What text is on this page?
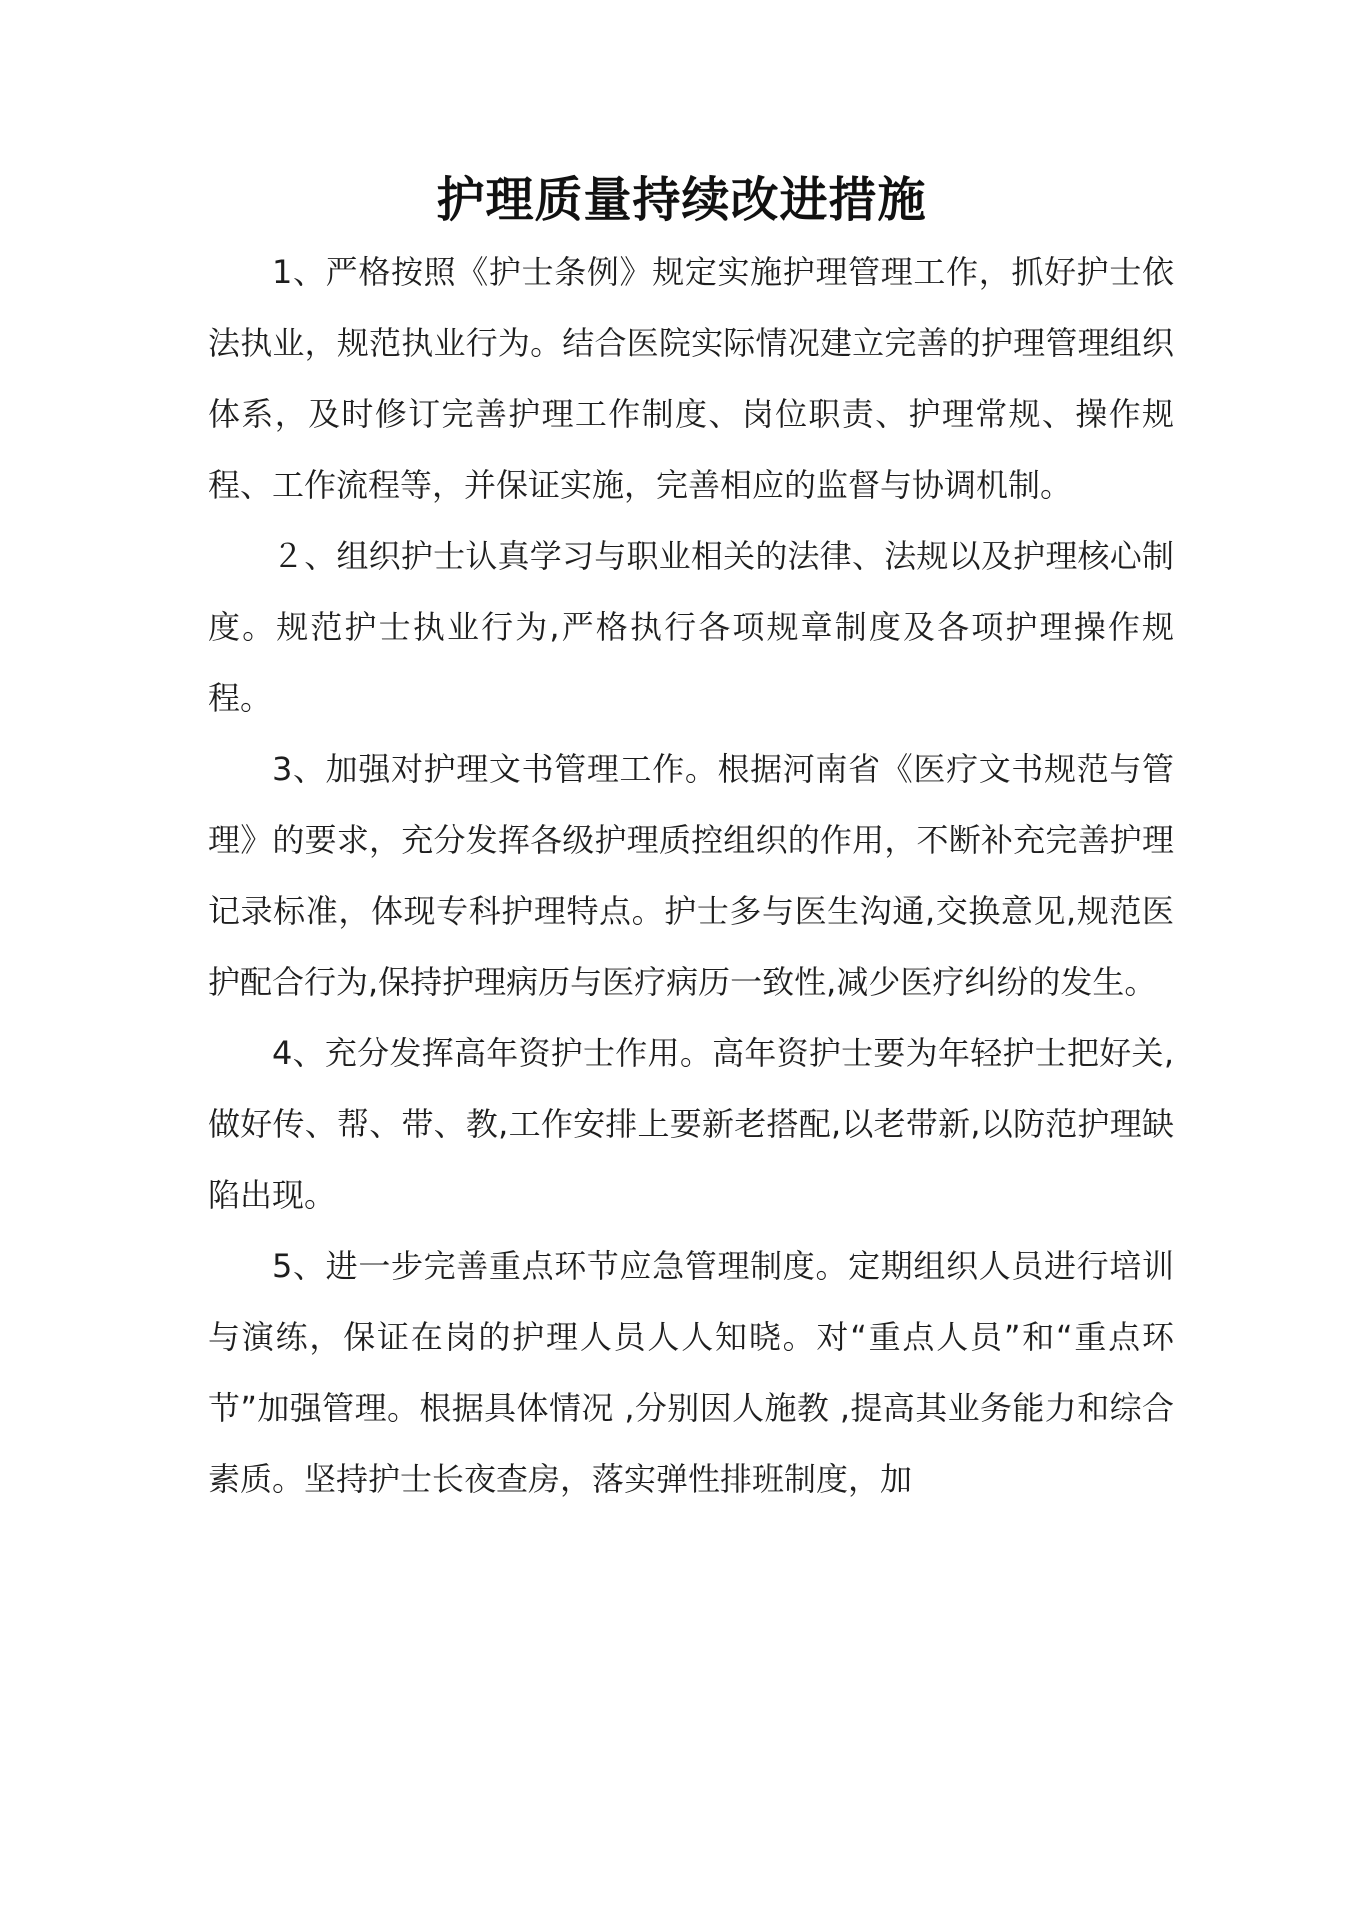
护理质量持续改进措施

1、严格按照《护士条例》规定实施护理管理工作，抓好护士依法执业，规范执业行为。结合医院实际情况建立完善的护理管理组织体系，及时修订完善护理工作制度、岗位职责、护理常规、操作规程、工作流程等，并保证实施，完善相应的监督与协调机制。

２、组织护士认真学习与职业相关的法律、法规以及护理核心制度。规范护士执业行为,严格执行各项规章制度及各项护理操作规程。

3、加强对护理文书管理工作。根据河南省《医疗文书规范与管理》的要求，充分发挥各级护理质控组织的作用，不断补充完善护理记录标准，体现专科护理特点。护士多与医生沟通,交换意见,规范医护配合行为,保持护理病历与医疗病历一致性,减少医疗纠纷的发生。

4、充分发挥高年资护士作用。高年资护士要为年轻护士把好关,做好传、帮、带、教,工作安排上要新老搭配,以老带新,以防范护理缺陷出现。

5、进一步完善重点环节应急管理制度。定期组织人员进行培训与演练，保证在岗的护理人员人人知晓。对“重点人员”和“重点环节”加强管理。根据具体情况 ,分别因人施教 ,提高其业务能力和综合素质。坚持护士长夜查房，落实弹性排班制度，加
